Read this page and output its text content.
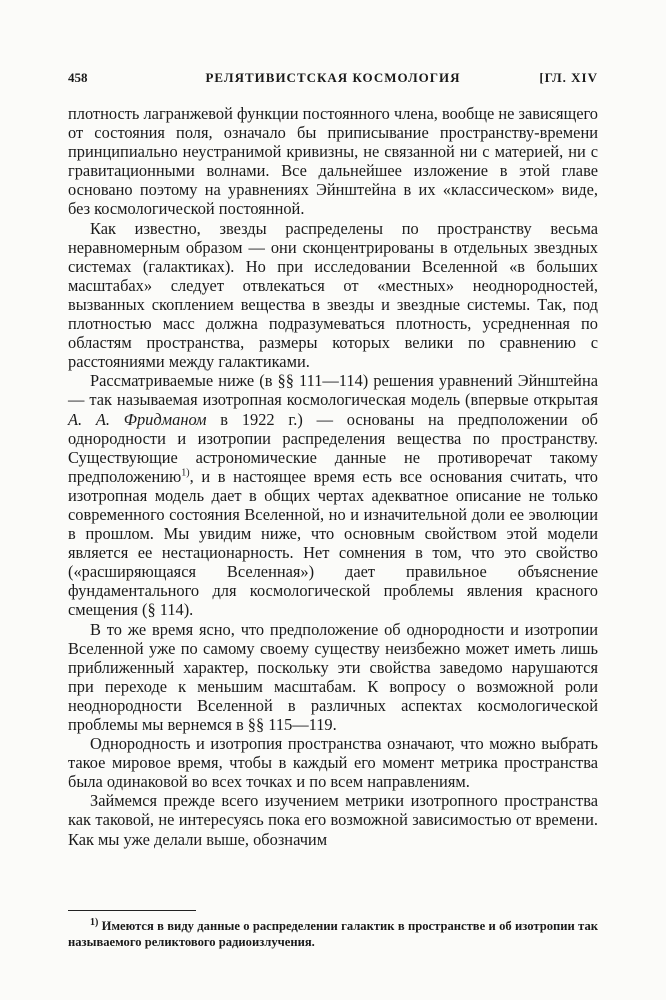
458	РЕЛЯТИВИСТСКАЯ КОСМОЛОГИЯ	[ГЛ. XIV

плотность лагранжевой функции постоянного члена, вообще не зависящего от состояния поля, означало бы приписывание пространству-времени принципиально неустранимой кривизны, не связанной ни с материей, ни с гравитационными волнами. Все дальнейшее изложение в этой главе основано поэтому на уравнениях Эйнштейна в их «классическом» виде, без космологической постоянной.

Как известно, звезды распределены по пространству весьма неравномерным образом — они сконцентрированы в отдельных звездных системах (галактиках). Но при исследовании Вселенной «в больших масштабах» следует отвлекаться от «местных» неоднородностей, вызванных скоплением вещества в звезды и звездные системы. Так, под плотностью масс должна подразумеваться плотность, усредненная по областям пространства, размеры которых велики по сравнению с расстояниями между галактиками.

Рассматриваемые ниже (в §§ 111—114) решения уравнений Эйнштейна — так называемая изотропная космологическая модель (впервые открытая А. А. Фридманом в 1922 г.) — основаны на предположении об однородности и изотропии распределения вещества по пространству. Существующие астрономические данные не противоречат такому предположению$^{1)}$, и в настоящее время есть все основания считать, что изотропная модель дает в общих чертах адекватное описание не только современного состояния Вселенной, но и изначительной доли ее эволюции в прошлом. Мы увидим ниже, что основным свойством этой модели является ее нестационарность. Нет сомнения в том, что это свойство («расширяющаяся Вселенная») дает правильное объяснение фундаментального для космологической проблемы явления красного смещения (§ 114).

В то же время ясно, что предположение об однородности и изотропии Вселенной уже по самому своему существу неизбежно может иметь лишь приближенный характер, поскольку эти свойства заведомо нарушаются при переходе к меньшим масштабам. К вопросу о возможной роли неоднородности Вселенной в различных аспектах космологической проблемы мы вернемся в §§ 115—119.

Однородность и изотропия пространства означают, что можно выбрать такое мировое время, чтобы в каждый его момент метрика пространства была одинаковой во всех точках и по всем направлениям.

Займемся прежде всего изучением метрики изотропного пространства как таковой, не интересуясь пока его возможной зависимостью от времени. Как мы уже делали выше, обозначим

$^{1)}$ Имеются в виду данные о распределении галактик в пространстве и об изотропии так называемого реликтового радиоизлучения.
